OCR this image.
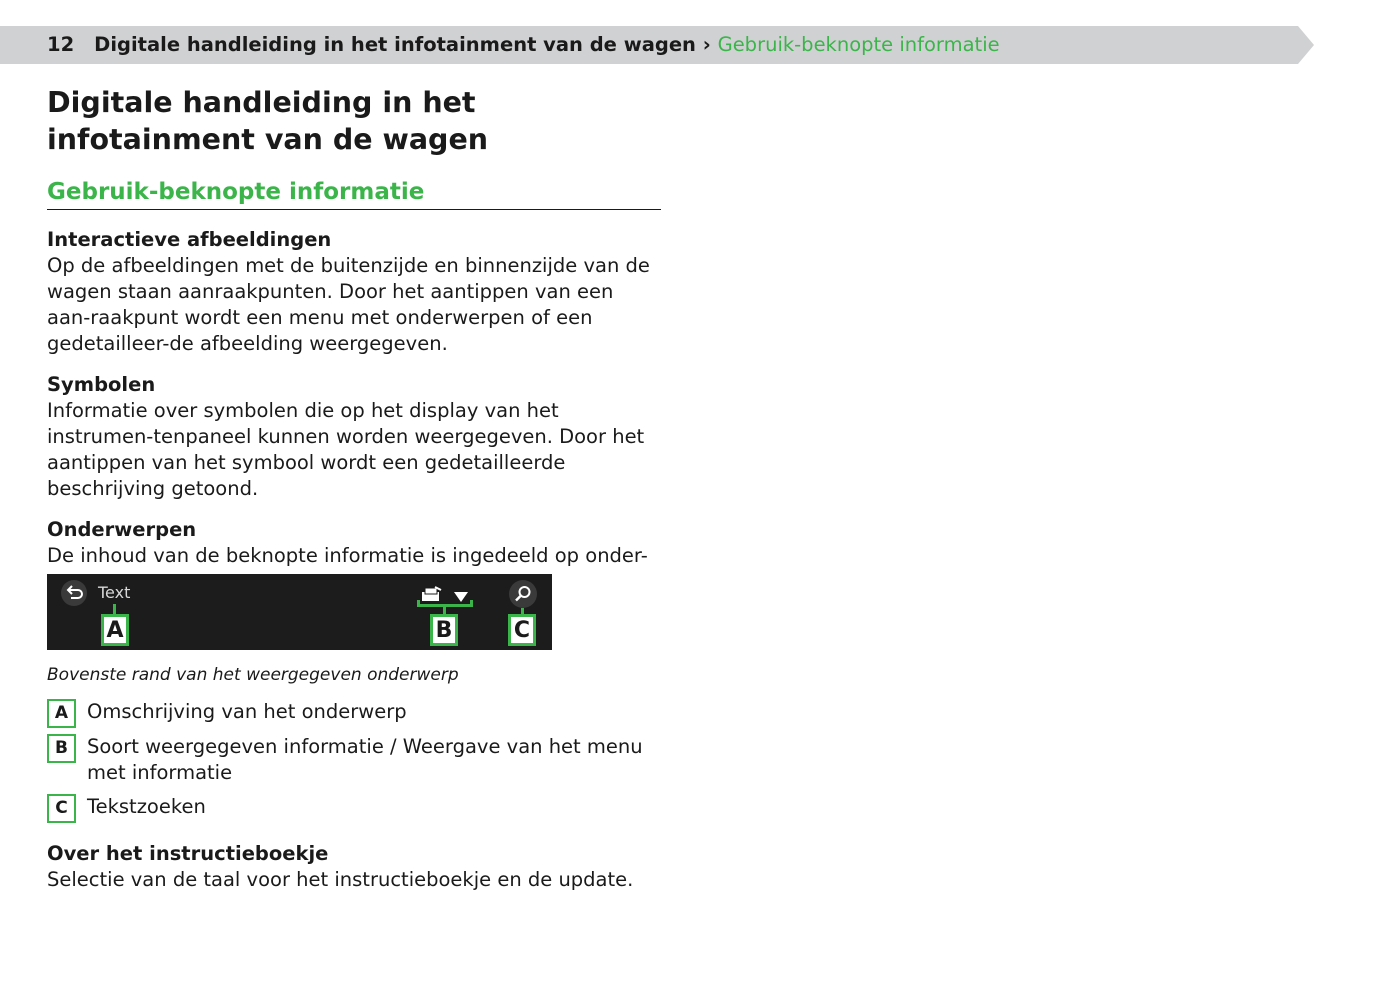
12 Digitale handleiding in het infotainment van de wagen › Gebruik-beknopte informatie
Digitale handleiding in het infotainment van de wagen
Gebruik-beknopte informatie
Interactieve afbeeldingen

Op de afbeeldingen met de buitenzijde en binnenzijde van de wagen staan aanraakpunten. Door het aantippen van een aan-raakpunt wordt een menu met onderwerpen of een gedetailleer-de afbeelding weergegeven.

Symbolen

Informatie over symbolen die op het display van het instrumen-tenpaneel kunnen worden weergegeven. Door het aantippen van het symbool wordt een gedetailleerde beschrijving getoond.

Onderwerpen

De inhoud van de beknopte informatie is ingedeeld op onder-

Text
A	B	C
Bovenste rand van het weergegeven onderwerp
A Omschrijving van het onderwerp
B Soort weergegeven informatie / Weergave van het menu met informatie
C Tekstzoeken
Over het instructieboekje

Selectie van de taal voor het instructieboekje en de update.
